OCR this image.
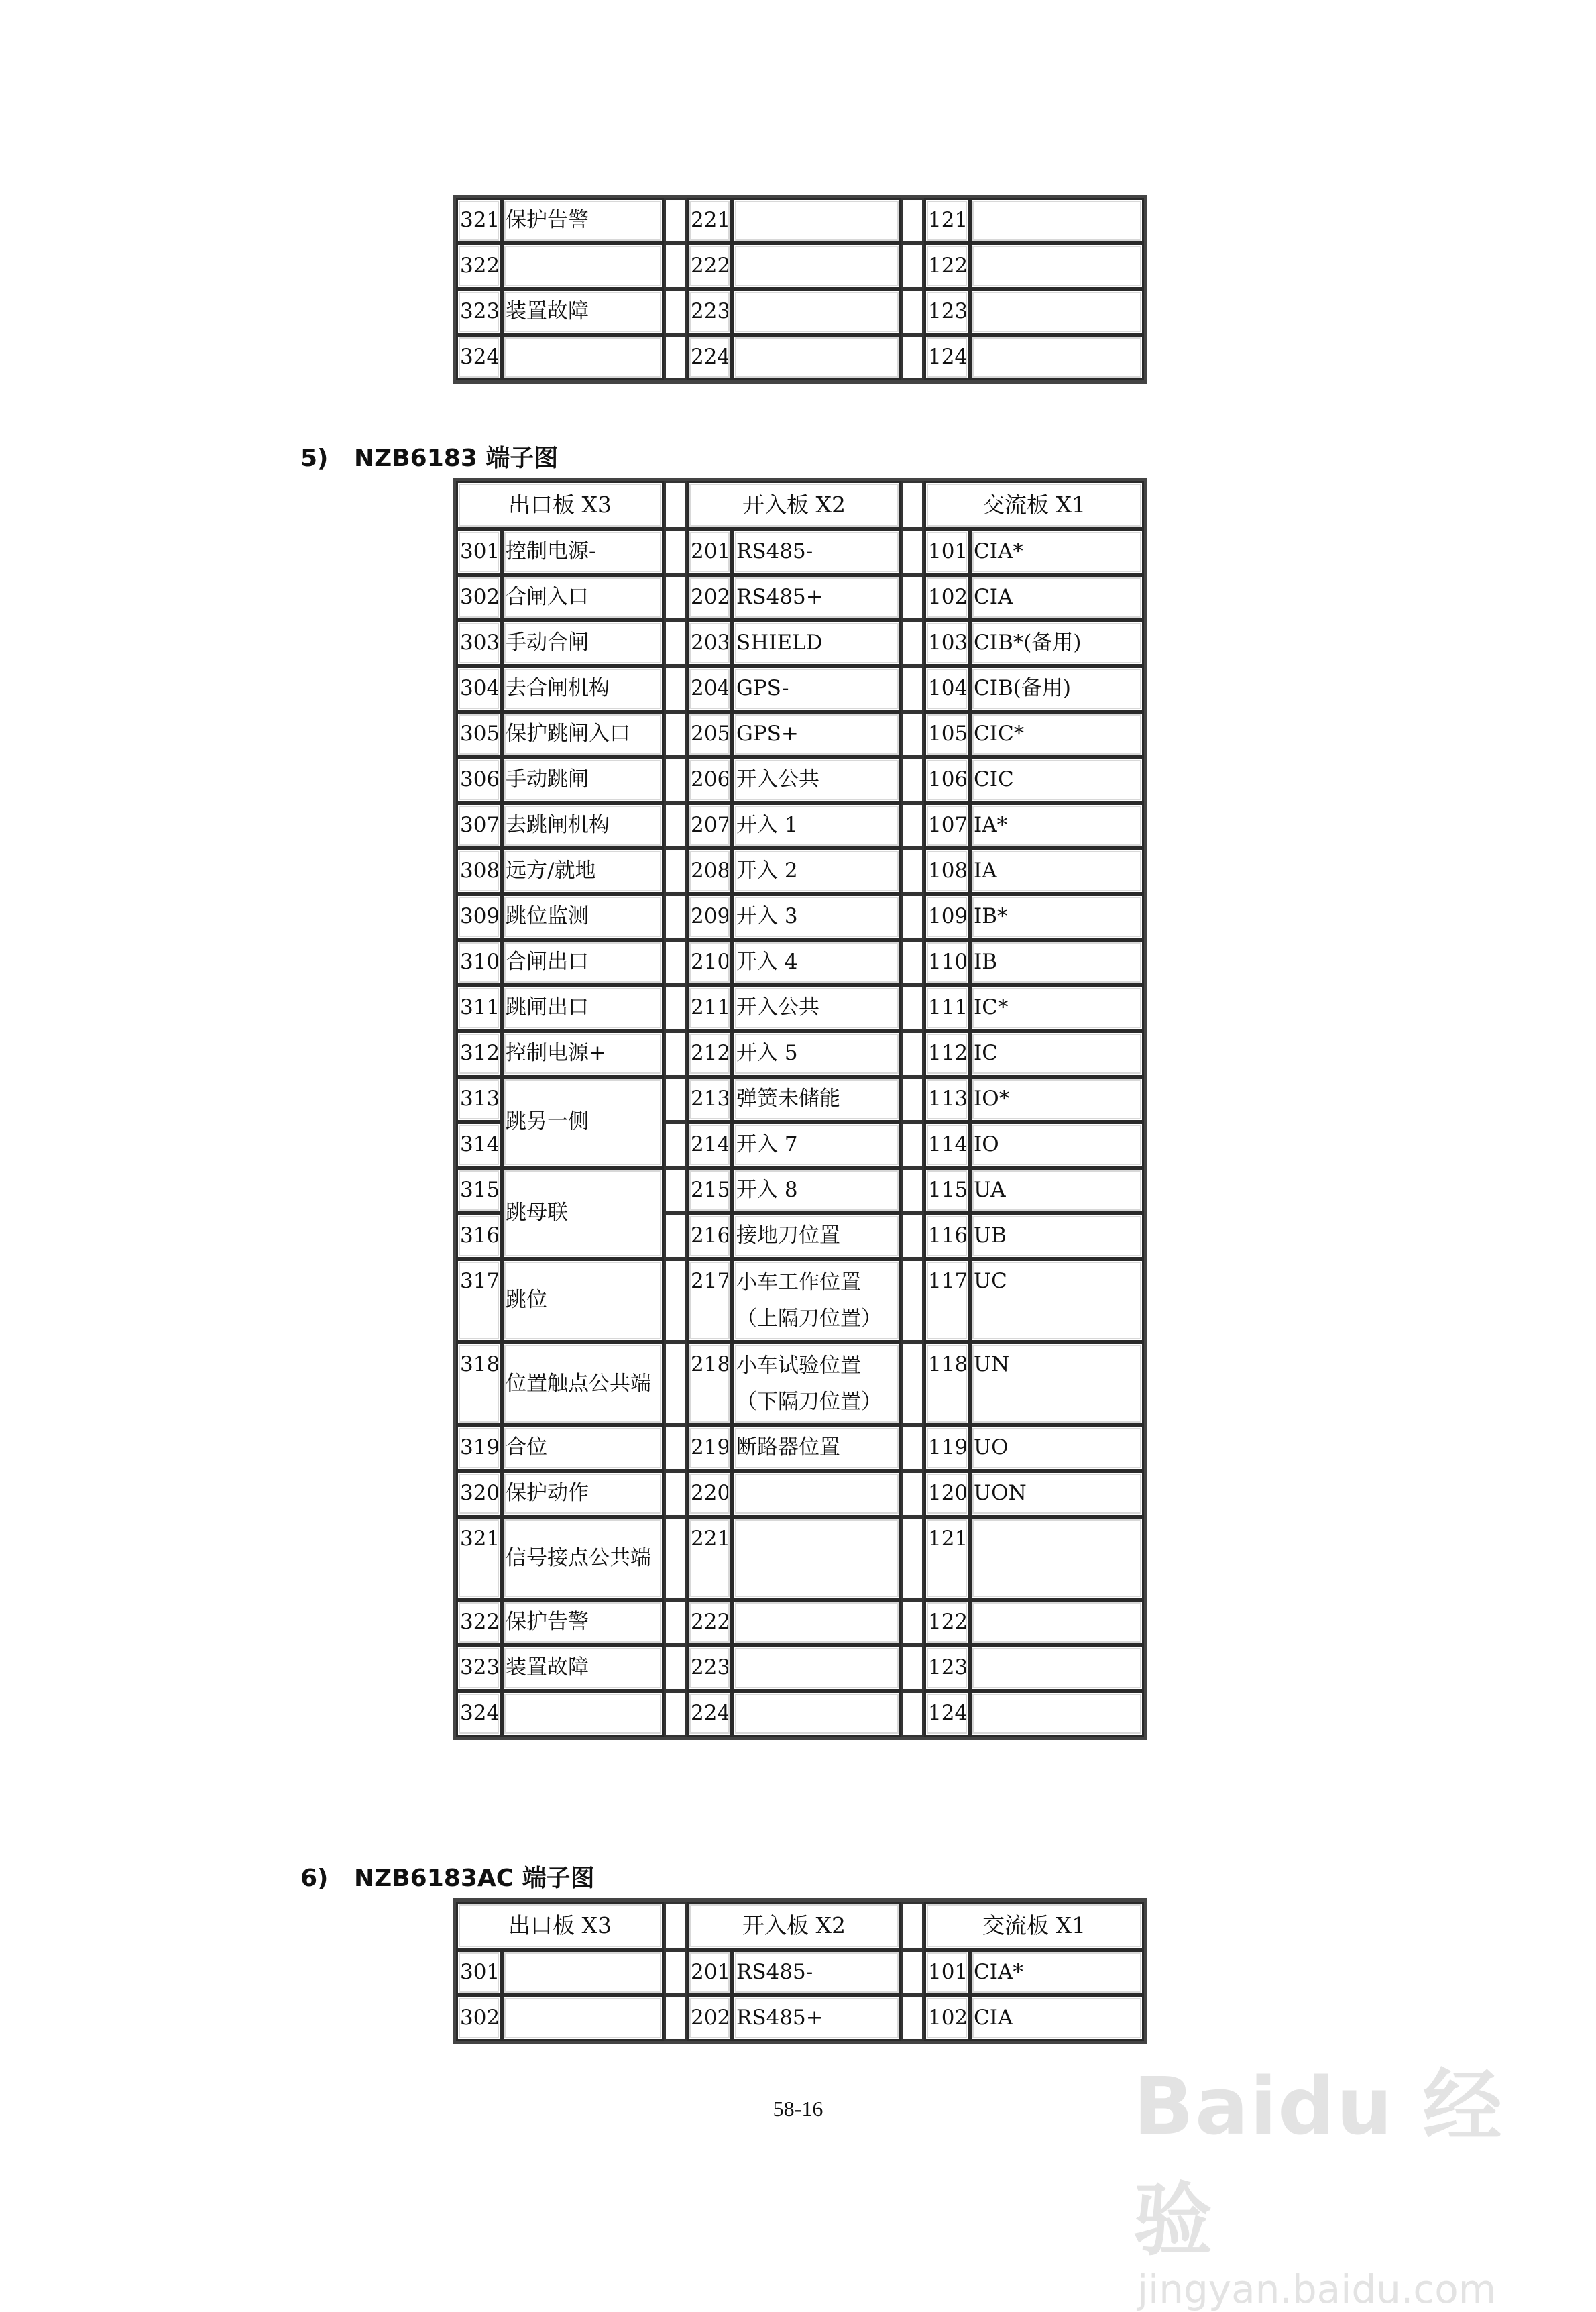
321	保护告警		221			121	
322			222			122	
323	装置故障		223			123	
324			224			124	
5) NZB6183 端子图
出口板 X3			开入板 X2			交流板 X1	
301	控制电源-		201	RS485-		101	CIA*
302	合闸入口		202	RS485+		102	CIA
303	手动合闸		203	SHIELD		103	CIB*(备用)
304	去合闸机构		204	GPS-		104	CIB(备用)
305	保护跳闸入口		205	GPS+		105	CIC*
306	手动跳闸		206	开入公共		106	CIC
307	去跳闸机构		207	开入 1		107	IA*
308	远方/就地		208	开入 2		108	IA
309	跳位监测		209	开入 3		109	IB*
310	合闸出口		210	开入 4		110	IB
311	跳闸出口		211	开入公共		111	IC*
312	控制电源+		212	开入 5		112	IC
313	跳另一侧		213	弹簧未储能		113	IO*
314			214	开入 7		114	IO
315	跳母联		215	开入 8		115	UA
316			216	接地刀位置		116	UB
317	跳位		217	小车工作位置（上隔刀位置）		117	UC
318	位置触点公共端		218	小车试验位置（下隔刀位置）		118	UN
319	合位		219	断路器位置		119	UO
320	保护动作		220			120	UON
321	信号接点公共端		221			121	
322	保护告警		222			122	
323	装置故障		223			123	
324			224			124	
6) NZB6183AC 端子图
出口板 X3			开入板 X2			交流板 X1	
301			201	RS485-		101	CIA*
302			202	RS485+		102	CIA
58-16	Baidu 经验
jingyan.baidu.com
